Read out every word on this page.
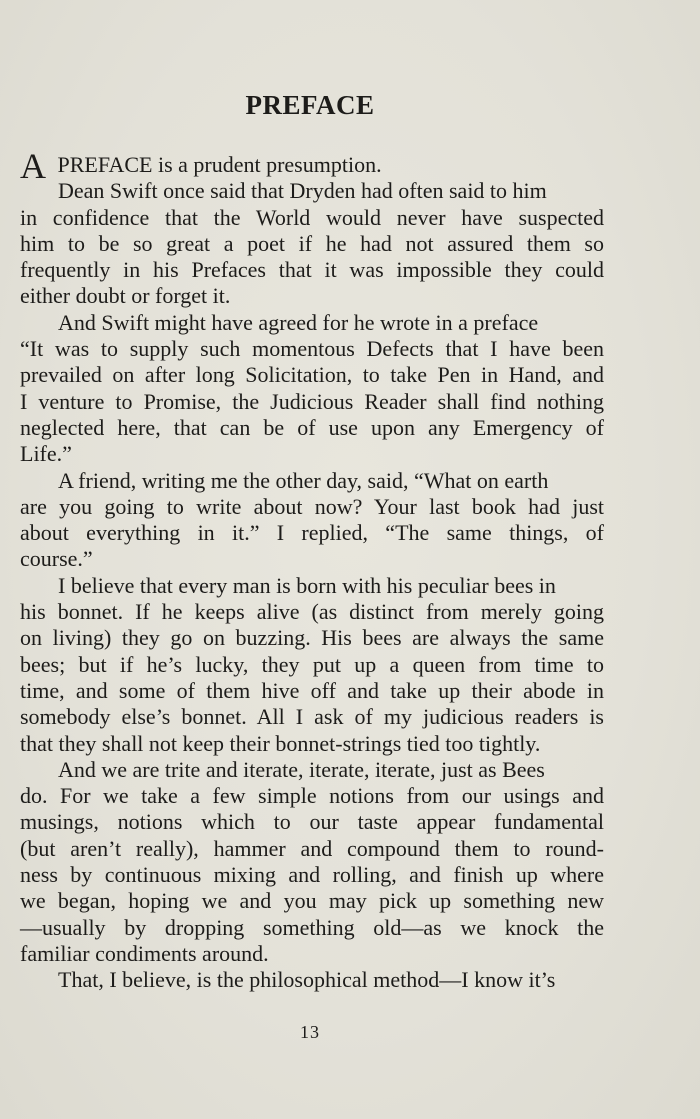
PREFACE
A PREFACE is a prudent presumption.
Dean Swift once said that Dryden had often said to him
in confidence that the World would never have suspected
him to be so great a poet if he had not assured them so
frequently in his Prefaces that it was impossible they could
either doubt or forget it.
And Swift might have agreed for he wrote in a preface
“It was to supply such momentous Defects that I have been
prevailed on after long Solicitation, to take Pen in Hand, and
I venture to Promise, the Judicious Reader shall find nothing
neglected here, that can be of use upon any Emergency of
Life.”
A friend, writing me the other day, said, “What on earth
are you going to write about now? Your last book had just
about everything in it.” I replied, “The same things, of
course.”
I believe that every man is born with his peculiar bees in
his bonnet. If he keeps alive (as distinct from merely going
on living) they go on buzzing. His bees are always the same
bees; but if he’s lucky, they put up a queen from time to
time, and some of them hive off and take up their abode in
somebody else’s bonnet. All I ask of my judicious readers is
that they shall not keep their bonnet-strings tied too tightly.
And we are trite and iterate, iterate, iterate, just as Bees
do. For we take a few simple notions from our usings and
musings, notions which to our taste appear fundamental
(but aren’t really), hammer and compound them to round-
ness by continuous mixing and rolling, and finish up where
we began, hoping we and you may pick up something new
—usually by dropping something old—as we knock the
familiar condiments around.
That, I believe, is the philosophical method—I know it’s
13
